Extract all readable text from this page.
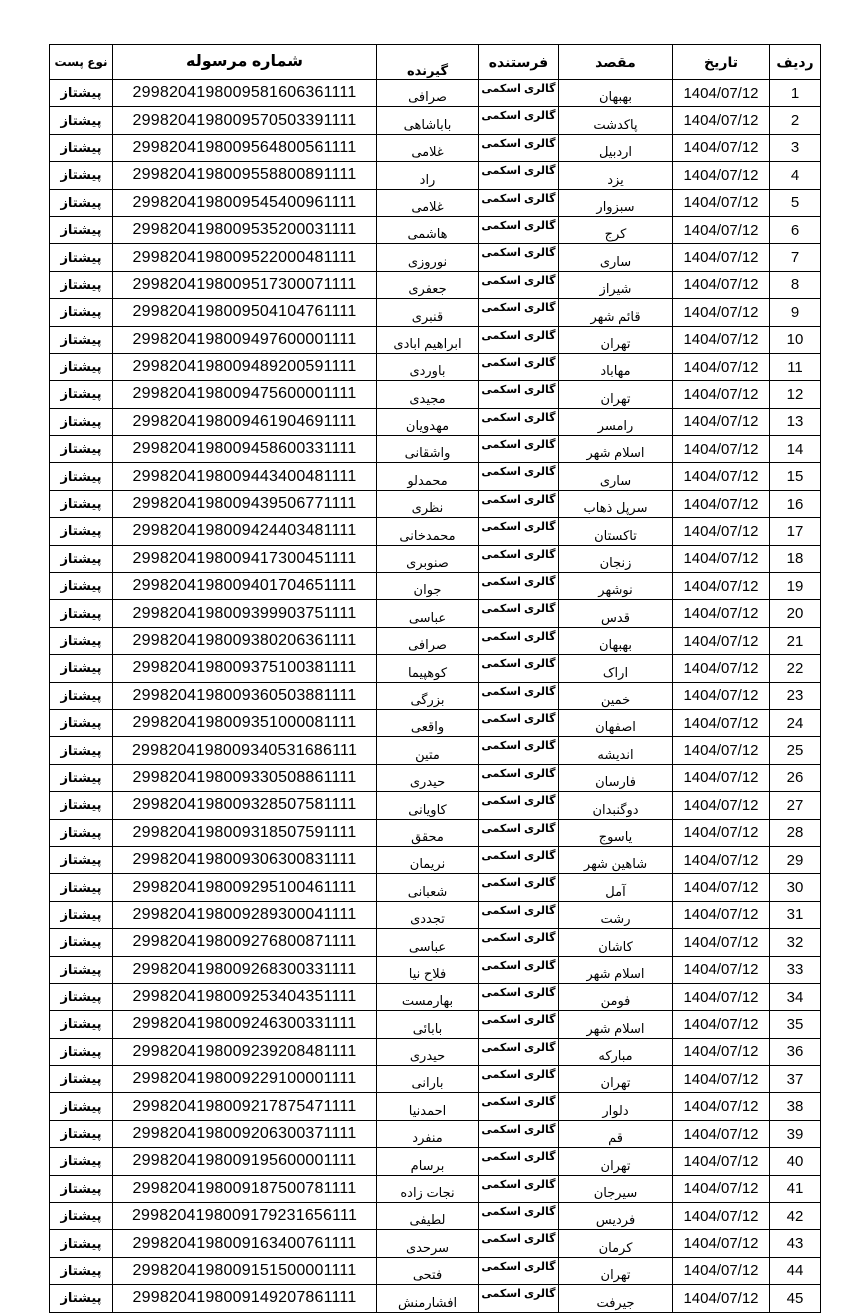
نوع پست	شماره مرسوله	گیرنده	فرستنده	مقصد	تاریخ	ردیف
پیشتاز	2998204198009581606361111	صرافی	گالری اسکمی	بهبهان	1404/07/12	1
پیشتاز	2998204198009570503391111	باباشاهی	گالری اسکمی	پاکدشت	1404/07/12	2
پیشتاز	2998204198009564800561111	غلامی	گالری اسکمی	اردبیل	1404/07/12	3
پیشتاز	2998204198009558800891111	راد	گالری اسکمی	یزد	1404/07/12	4
پیشتاز	2998204198009545400961111	غلامی	گالری اسکمی	سبزوار	1404/07/12	5
پیشتاز	2998204198009535200031111	هاشمی	گالری اسکمی	کرج	1404/07/12	6
پیشتاز	2998204198009522000481111	نوروزی	گالری اسکمی	ساری	1404/07/12	7
پیشتاز	2998204198009517300071111	جعفری	گالری اسکمی	شیراز	1404/07/12	8
پیشتاز	2998204198009504104761111	قنبری	گالری اسکمی	قائم شهر	1404/07/12	9
پیشتاز	2998204198009497600001111	ابراهیم ابادی	گالری اسکمی	تهران	1404/07/12	10
پیشتاز	2998204198009489200591111	باوردی	گالری اسکمی	مهاباد	1404/07/12	11
پیشتاز	2998204198009475600001111	مجیدی	گالری اسکمی	تهران	1404/07/12	12
پیشتاز	2998204198009461904691111	مهدویان	گالری اسکمی	رامسر	1404/07/12	13
پیشتاز	2998204198009458600331111	واشقانی	گالری اسکمی	اسلام شهر	1404/07/12	14
پیشتاز	2998204198009443400481111	محمدلو	گالری اسکمی	ساری	1404/07/12	15
پیشتاز	2998204198009439506771111	نظری	گالری اسکمی	سرپل ذهاب	1404/07/12	16
پیشتاز	2998204198009424403481111	محمدخانی	گالری اسکمی	تاکستان	1404/07/12	17
پیشتاز	2998204198009417300451111	صنوبری	گالری اسکمی	زنجان	1404/07/12	18
پیشتاز	2998204198009401704651111	جوان	گالری اسکمی	نوشهر	1404/07/12	19
پیشتاز	2998204198009399903751111	عباسی	گالری اسکمی	قدس	1404/07/12	20
پیشتاز	2998204198009380206361111	صرافی	گالری اسکمی	بهبهان	1404/07/12	21
پیشتاز	2998204198009375100381111	کوهپیما	گالری اسکمی	اراک	1404/07/12	22
پیشتاز	2998204198009360503881111	بزرگی	گالری اسکمی	خمین	1404/07/12	23
پیشتاز	2998204198009351000081111	واقعی	گالری اسکمی	اصفهان	1404/07/12	24
پیشتاز	2998204198009340531686111	متین	گالری اسکمی	اندیشه	1404/07/12	25
پیشتاز	2998204198009330508861111	حیدری	گالری اسکمی	فارسان	1404/07/12	26
پیشتاز	2998204198009328507581111	کاویانی	گالری اسکمی	دوگنبدان	1404/07/12	27
پیشتاز	2998204198009318507591111	محقق	گالری اسکمی	یاسوج	1404/07/12	28
پیشتاز	2998204198009306300831111	نریمان	گالری اسکمی	شاهین شهر	1404/07/12	29
پیشتاز	2998204198009295100461111	شعبانی	گالری اسکمی	آمل	1404/07/12	30
پیشتاز	2998204198009289300041111	تجددی	گالری اسکمی	رشت	1404/07/12	31
پیشتاز	2998204198009276800871111	عباسی	گالری اسکمی	کاشان	1404/07/12	32
پیشتاز	2998204198009268300331111	فلاح نیا	گالری اسکمی	اسلام شهر	1404/07/12	33
پیشتاز	2998204198009253404351111	بهارمست	گالری اسکمی	فومن	1404/07/12	34
پیشتاز	2998204198009246300331111	بابائی	گالری اسکمی	اسلام شهر	1404/07/12	35
پیشتاز	2998204198009239208481111	حیدری	گالری اسکمی	مبارکه	1404/07/12	36
پیشتاز	2998204198009229100001111	بارانی	گالری اسکمی	تهران	1404/07/12	37
پیشتاز	2998204198009217875471111	احمدنیا	گالری اسکمی	دلوار	1404/07/12	38
پیشتاز	2998204198009206300371111	منفرد	گالری اسکمی	قم	1404/07/12	39
پیشتاز	2998204198009195600001111	برسام	گالری اسکمی	تهران	1404/07/12	40
پیشتاز	2998204198009187500781111	نجات زاده	گالری اسکمی	سیرجان	1404/07/12	41
پیشتاز	2998204198009179231656111	لطیفی	گالری اسکمی	فردیس	1404/07/12	42
پیشتاز	2998204198009163400761111	سرحدی	گالری اسکمی	کرمان	1404/07/12	43
پیشتاز	2998204198009151500001111	فتحی	گالری اسکمی	تهران	1404/07/12	44
پیشتاز	2998204198009149207861111	افشارمنش	گالری اسکمی	جیرفت	1404/07/12	45
